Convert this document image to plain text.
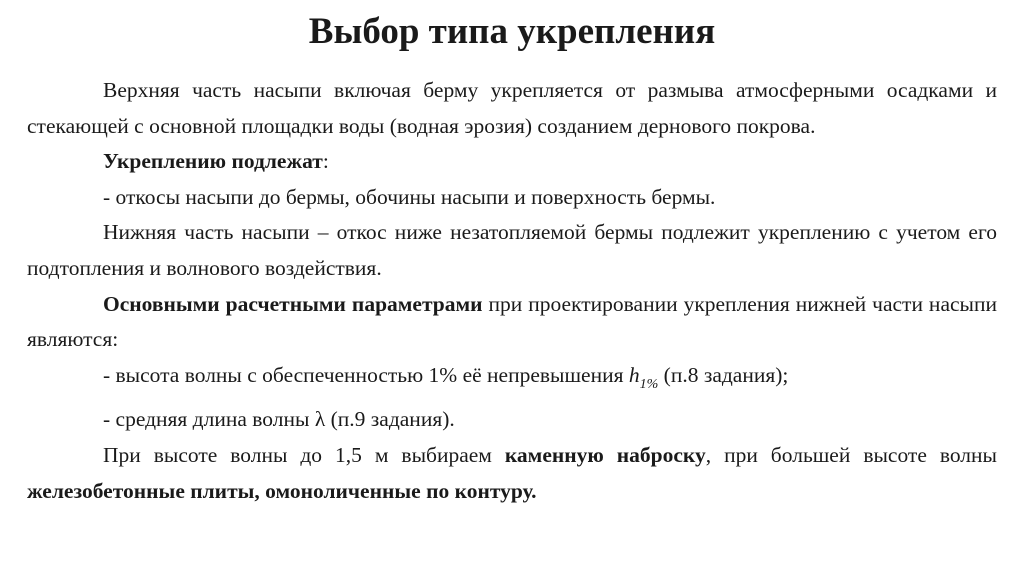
Выбор типа укрепления

Верхняя часть насыпи включая берму укрепляется от размыва атмосферными осадками и стекающей с основной площадки воды (водная эрозия) созданием дернового покрова.

Укреплению подлежат:

- откосы насыпи до бермы, обочины насыпи и поверхность бермы.

Нижняя часть насыпи – откос ниже незатопляемой бермы подлежит укреплению с учетом его подтопления и волнового воздействия.

Основными расчетными параметрами при проектировании укрепления нижней части насыпи являются:

- высота волны с обеспеченностью 1% её непревышения $h_{1\%}$ (п.8 задания);

- средняя длина волны λ (п.9 задания).

При высоте волны до 1,5 м выбираем каменную наброску, при большей высоте волны железобетонные плиты, омоноличенные по контуру.
